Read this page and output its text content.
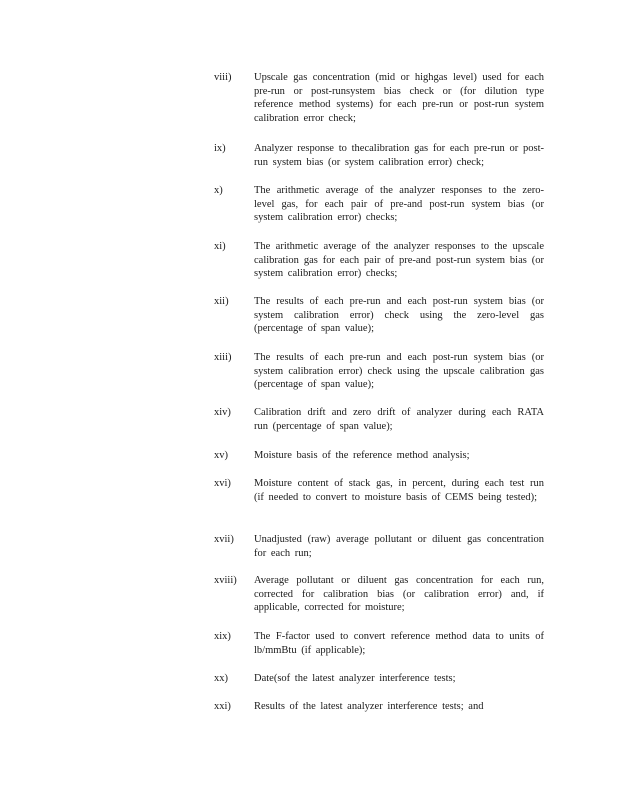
viii)	Upscale gas concentration (mid or highgas level) used for each pre-run or post-runsystem bias check or (for dilution type reference method systems) for each pre-run or post-run system calibration error check;
ix)	Analyzer response to thecalibration gas for each pre-run or post-run system bias (or system calibration error) check;
x)	The arithmetic average of the analyzer responses to the zero-level gas, for each pair of pre-and post-run system bias (or system calibration error) checks;
xi)	The arithmetic average of the analyzer responses to the upscale calibration gas for each pair of pre-and post-run system bias (or system calibration error) checks;
xii)	The results of each pre-run and each post-run system bias (or system calibration error) check using the zero-level gas (percentage of span value);
xiii)	The results of each pre-run and each post-run system bias (or system calibration error) check using the upscale calibration gas (percentage of span value);
xiv)	Calibration drift and zero drift of analyzer during each RATA run (percentage of span value);
xv)	Moisture basis of the reference method analysis;
xvi)	Moisture content of stack gas, in percent, during each test run (if needed to convert to moisture basis of CEMS being tested);
xvii)	Unadjusted (raw) average pollutant or diluent gas concentration for each run;
xviii)	Average pollutant or diluent gas concentration for each run, corrected for calibration bias (or calibration error) and, if applicable, corrected for moisture;
xix)	The F-factor used to convert reference method data to units of lb/mmBtu (if applicable);
xx)	Date(sof the latest analyzer interference tests;
xxi)	Results of the latest analyzer interference tests; and
